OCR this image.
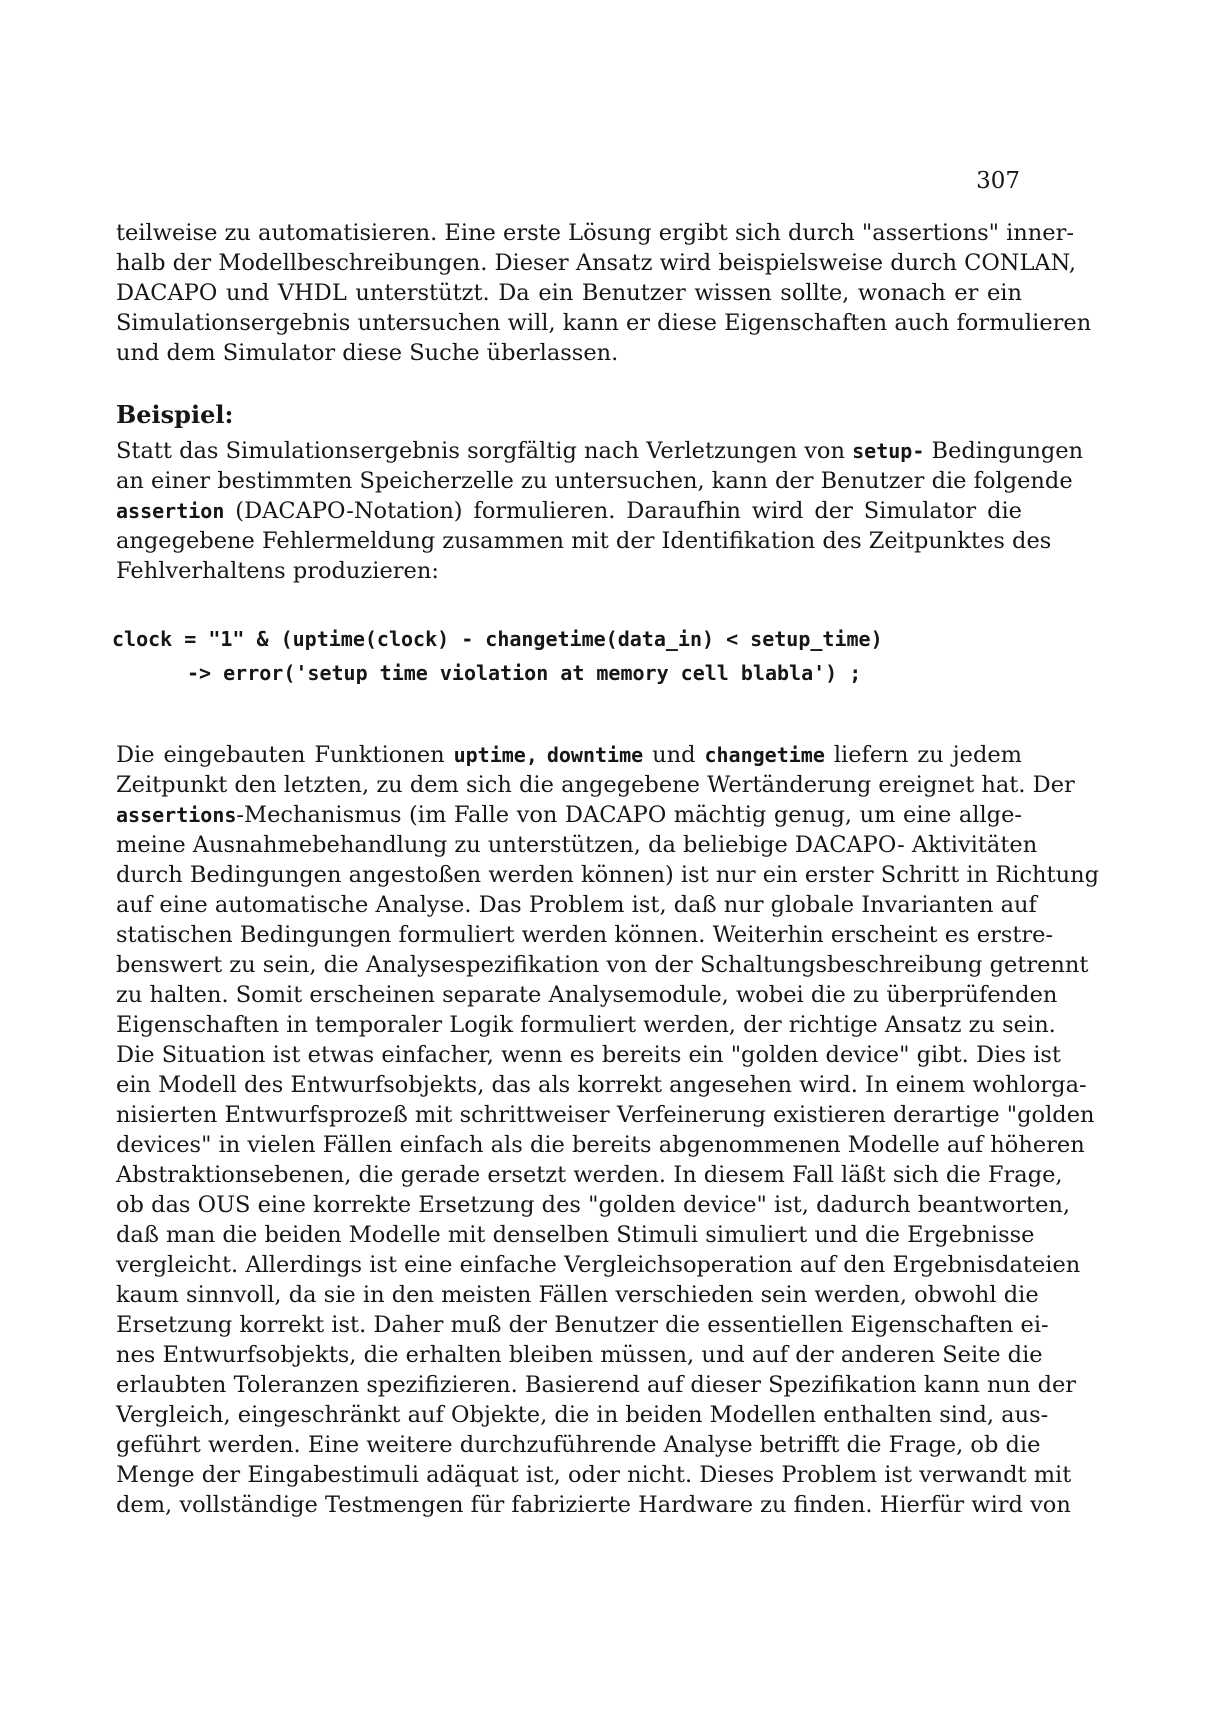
307
teilweise zu automatisieren. Eine erste Lösung ergibt sich durch "assertions" inner-
halb der Modellbeschreibungen. Dieser Ansatz wird beispielsweise durch CONLAN,
DACAPO und VHDL unterstützt. Da ein Benutzer wissen sollte, wonach er ein
Simulationsergebnis untersuchen will, kann er diese Eigenschaften auch formulieren
und dem Simulator diese Suche überlassen.
Beispiel:
Statt das Simulationsergebnis sorgfältig nach Verletzungen von setup- Bedingungen
an einer bestimmten Speicherzelle zu untersuchen, kann der Benutzer die folgende
assertion (DACAPO-Notation) formulieren. Daraufhin wird der Simulator die
angegebene Fehlermeldung zusammen mit der Identifikation des Zeitpunktes des
Fehlverhaltens produzieren:
clock = "1" & (uptime(clock) - changetime(data_in) < setup_time)
-> error('setup time violation at memory cell blabla') ;
Die eingebauten Funktionen uptime, downtime und changetime liefern zu jedem
Zeitpunkt den letzten, zu dem sich die angegebene Wertänderung ereignet hat. Der
assertions-Mechanismus (im Falle von DACAPO mächtig genug, um eine allge-
meine Ausnahmebehandlung zu unterstützen, da beliebige DACAPO- Aktivitäten
durch Bedingungen angestoßen werden können) ist nur ein erster Schritt in Richtung
auf eine automatische Analyse. Das Problem ist, daß nur globale Invarianten auf
statischen Bedingungen formuliert werden können. Weiterhin erscheint es erstre-
benswert zu sein, die Analysespezifikation von der Schaltungsbeschreibung getrennt
zu halten. Somit erscheinen separate Analysemodule, wobei die zu überprüfenden
Eigenschaften in temporaler Logik formuliert werden, der richtige Ansatz zu sein.
Die Situation ist etwas einfacher, wenn es bereits ein "golden device" gibt. Dies ist
ein Modell des Entwurfsobjekts, das als korrekt angesehen wird. In einem wohlorga-
nisierten Entwurfsprozeß mit schrittweiser Verfeinerung existieren derartige "golden
devices" in vielen Fällen einfach als die bereits abgenommenen Modelle auf höheren
Abstraktionsebenen, die gerade ersetzt werden. In diesem Fall läßt sich die Frage,
ob das OUS eine korrekte Ersetzung des "golden device" ist, dadurch beantworten,
daß man die beiden Modelle mit denselben Stimuli simuliert und die Ergebnisse
vergleicht. Allerdings ist eine einfache Vergleichsoperation auf den Ergebnisdateien
kaum sinnvoll, da sie in den meisten Fällen verschieden sein werden, obwohl die
Ersetzung korrekt ist. Daher muß der Benutzer die essentiellen Eigenschaften ei-
nes Entwurfsobjekts, die erhalten bleiben müssen, und auf der anderen Seite die
erlaubten Toleranzen spezifizieren. Basierend auf dieser Spezifikation kann nun der
Vergleich, eingeschränkt auf Objekte, die in beiden Modellen enthalten sind, aus-
geführt werden. Eine weitere durchzuführende Analyse betrifft die Frage, ob die
Menge der Eingabestimuli adäquat ist, oder nicht. Dieses Problem ist verwandt mit
dem, vollständige Testmengen für fabrizierte Hardware zu finden. Hierfür wird von
